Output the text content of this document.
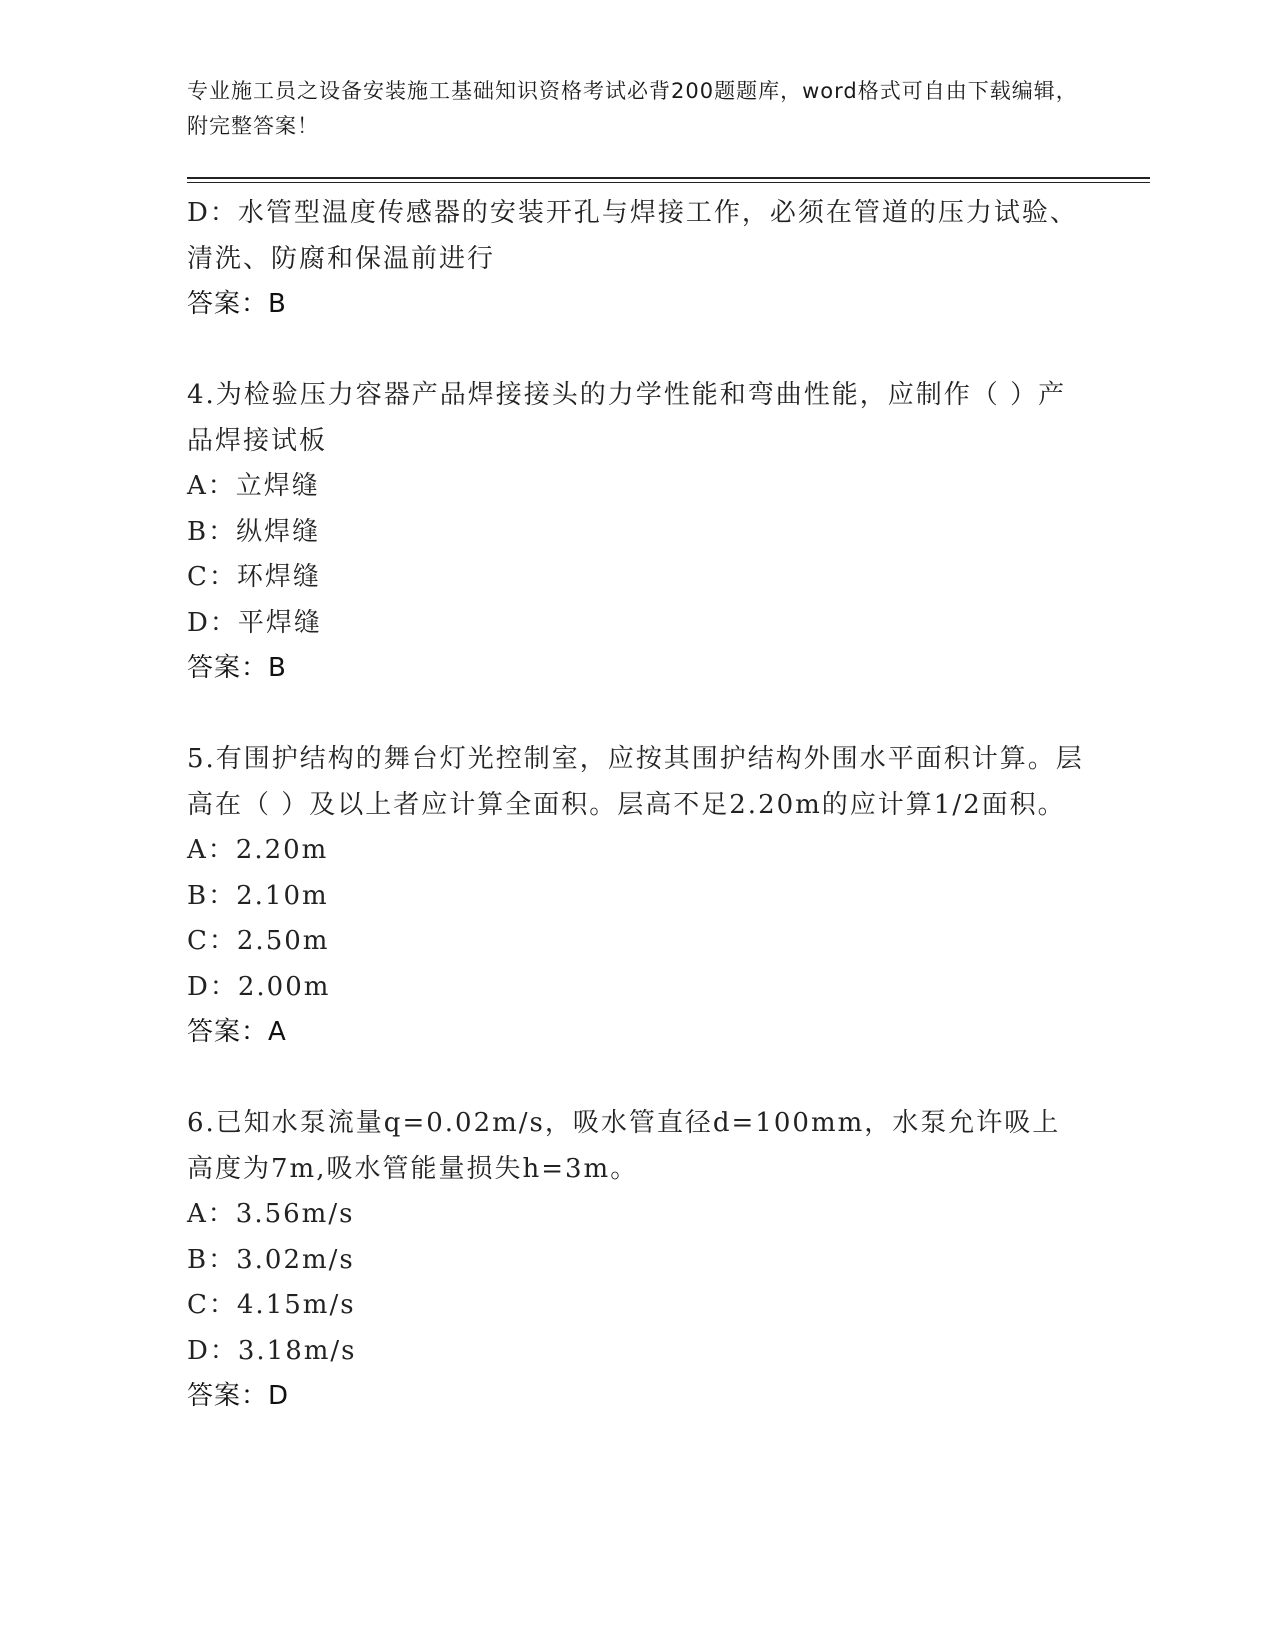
专业施工员之设备安装施工基础知识资格考试必背200题题库，word格式可自由下载编辑，附完整答案！

D：水管型温度传感器的安装开孔与焊接工作，必须在管道的压力试验、清洗、防腐和保温前进行

答案：B

4.为检验压力容器产品焊接接头的力学性能和弯曲性能，应制作（ ）产品焊接试板

A：立焊缝

B：纵焊缝

C：环焊缝

D：平焊缝

答案：B

5.有围护结构的舞台灯光控制室，应按其围护结构外围水平面积计算。层高在（ ）及以上者应计算全面积。层高不足2.20m的应计算1/2面积。

A：2.20m

B：2.10m

C：2.50m

D：2.00m

答案：A

6.已知水泵流量q=0.02m/s，吸水管直径d=100mm，水泵允许吸上高度为7m,吸水管能量损失h=3m。

A：3.56m/s

B：3.02m/s

C：4.15m/s

D：3.18m/s

答案：D
